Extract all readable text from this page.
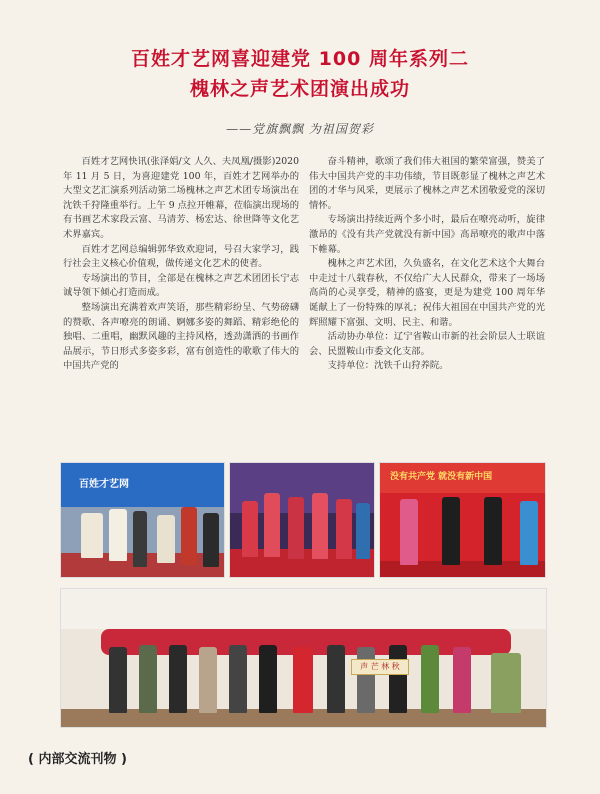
百姓才艺网喜迎建党 100 周年系列二
槐林之声艺术团演出成功
——党旗飘飘 为祖国贺彩

百姓才艺网快讯(张泽娟/文 人久、夫凤凰/摄影)2020 年 11 月 5 日，为喜迎建党 100 年，百姓才艺网举办的大型文艺汇演系列活动第二场槐林之声艺术团专场演出在沈铁千狩隆重举行。上午 9 点拉开帷幕，莅临演出现场的有书画艺术家段云富、马清芳、杨宏达、徐世降等文化艺术界嘉宾。

百姓才艺网总编辑郭华致欢迎词，号召大家学习，践行社会主义核心价值观，做传递文化艺术的使者。

专场演出的节目，全部是在槐林之声艺术团团长宁志诚导领下倾心打造而成。

整场演出充满着欢声笑语，那些精彩纷呈、气势磅礴的赞歌、各声嘹亮的朗诵、婀娜多姿的舞蹈、精彩绝伦的独唱、二重唱，幽默风趣的主持风格，透劲潇洒的书画作品展示，节日形式多姿多彩，富有创造性的歌歌了伟大的中国共产党的

奋斗精神，歌颂了我们伟大祖国的繁荣富强，赞美了伟大中国共产党的丰功伟绩，节目既彰显了槐林之声艺术团的才华与风采，更展示了槐林之声艺术团敬爱党的深切情怀。

专场演出持续近两个多小时，最后在嘹亮动听，旋律激昂的《没有共产党就没有新中国》高昂嘹亮的歌声中落下帷幕。

槐林之声艺术团，久负盛名，在文化艺术这个大舞台中走过十八载春秋，不仅给广大人民群众，带来了一场场高尚的心灵享受，精神的盛宴，更是为建党 100 周年华诞献上了一份特殊的厚礼；祝伟大祖国在中国共产党的光辉照耀下富强、文明、民主、和谐。

活动协办单位：辽宁省鞍山市新的社会阶层人士联谊会、民盟鞍山市委文化支部。

支持单位：沈铁千山狩养院。

百姓才艺网
没有共产党 就没有新中国
声 芒 林 秋
( 内部交流刊物 )
